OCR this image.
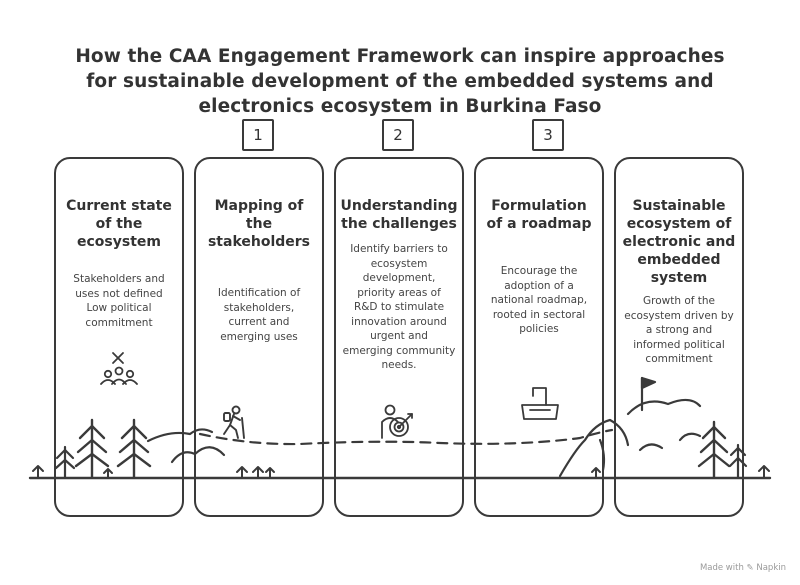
How the CAA Engagement Framework can inspire approaches
for sustainable development of the embedded systems and
electronics ecosystem in Burkina Faso
1	2	3
Current state
of the
ecosystem
Stakeholders and
uses not defined
Low political
commitment
Mapping of
the
stakeholders
Identification of
stakeholders,
current and
emerging uses
Understanding
the challenges
Identify barriers to
ecosystem
development,
priority areas of
R&D to stimulate
innovation around
urgent and
emerging community
needs.
Formulation
of a roadmap
Encourage the
adoption of a
national roadmap,
rooted in sectoral
policies
Sustainable
ecosystem of
electronic and
embedded
system
Growth of the
ecosystem driven by
a strong and
informed political
commitment
Made with ✎ Napkin
